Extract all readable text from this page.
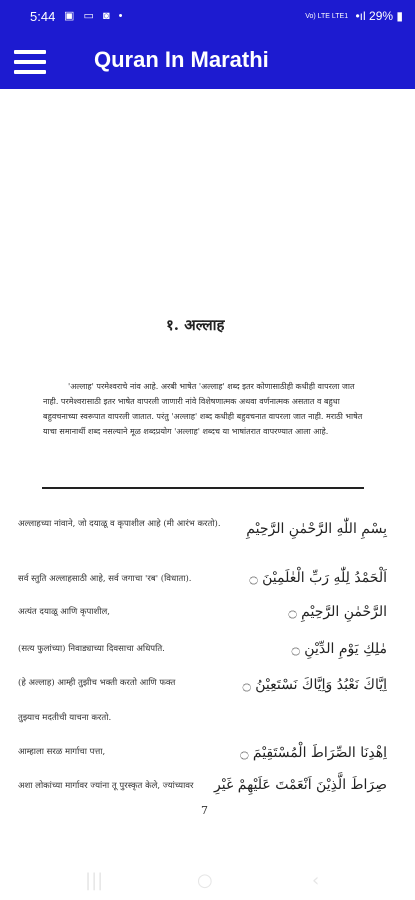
5:44 ▣ ▭ ◙ •	Vo) LTE LTE1 •ıl 29% ▮
Quran In Marathi
१. अल्लाह
'अल्लाह' परमेश्वराचे नांव आहे. अरबी भाषेत 'अल्लाह' शब्द इतर कोणासाठीही कधीही वापरला जात नाही. परमेश्वरासाठी इतर भाषेत वापरली जाणारी नांवे विशेषणात्मक अथवा वर्णनात्मक असतात व बहुधा बहुवचनाच्या स्वरूपात वापरली जातात. परंतु 'अल्लाह' शब्द कधीही बहुवचनात वापरला जात नाही. मराठी भाषेत याचा समानार्थी शब्द नसल्याने मूळ शब्दप्रयोग 'अल्लाह' शब्दच या भाषांतरात वापरण्यात आला आहे.
अल्लाहच्या नांवाने, जो दयाळू व कृपाशील आहे (मी आरंभ करतो).	بِسْمِ اللّٰهِ الرَّحْمٰنِ الرَّحِيْمِ
सर्व स्तुति अल्लाहसाठी आहे, सर्व जगाचा 'रब' (विधाता).	اَلْحَمْدُ لِلّٰهِ رَبِّ الْعٰلَمِيْنَ ۝
अत्यंत दयाळू आणि कृपाशील,	الرَّحْمٰنِ الرَّحِيْمِ ۝
(सत्य फुलांच्या) निवाड्याच्या दिवसाचा अधिपति.	مٰلِكِ يَوْمِ الدِّيْنِ ۝
(हे अल्लाह) आम्ही तुझीच भक्ती करतो आणि फक्त	اِيَّاكَ نَعْبُدُ وَاِيَّاكَ نَسْتَعِيْنُ ۝
तुझ्याच मदतीची याचना करतो.
आम्हाला सरळ मार्गाचा पत्ता,	اِهْدِنَا الصِّرَاطَ الْمُسْتَقِيْمَ ۝
अशा लोकांच्या मार्गावर ज्यांना तू पुरस्कृत केले, ज्यांच्यावर	صِرَاطَ الَّذِيْنَ اَنْعَمْتَ عَلَيْهِمْ غَيْرِ
7
|||	○	‹
